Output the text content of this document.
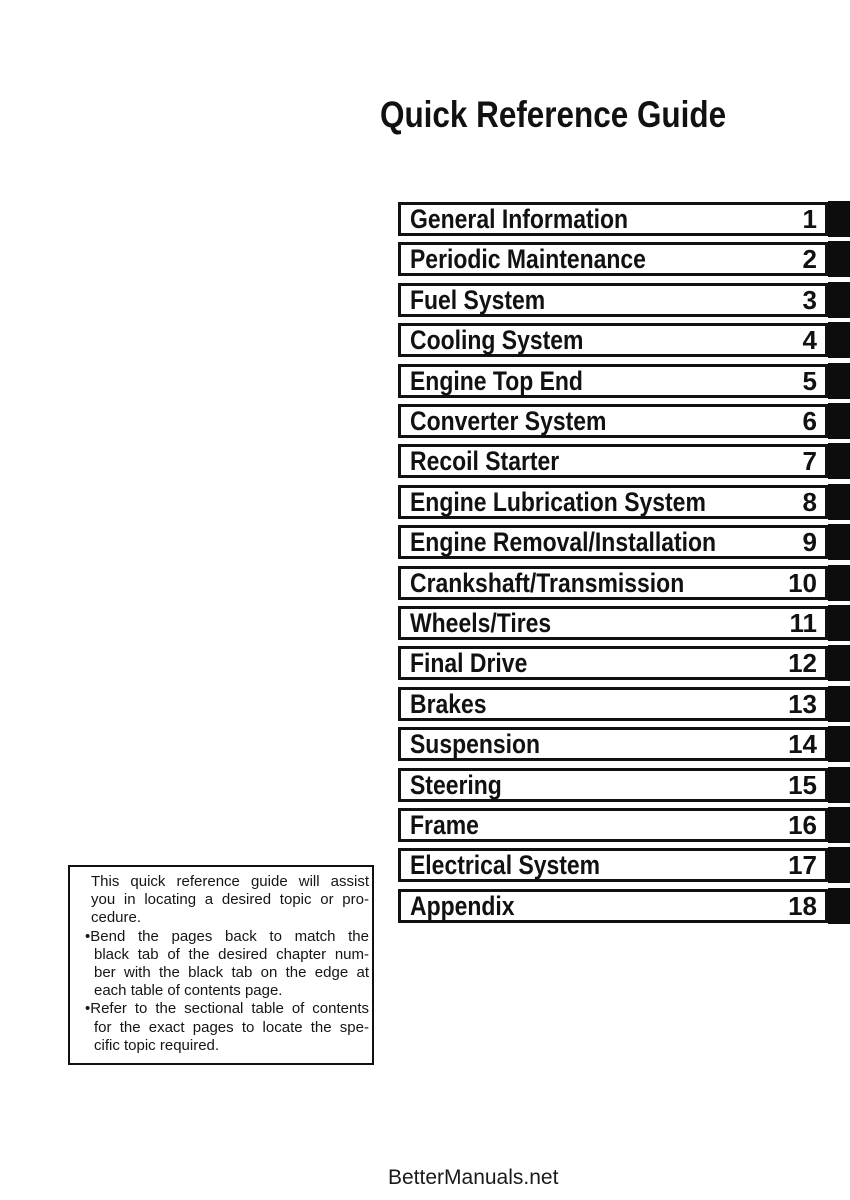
Quick Reference Guide
General Information	1
Periodic Maintenance	2
Fuel System	3
Cooling System	4
Engine Top End	5
Converter System	6
Recoil Starter	7
Engine Lubrication System	8
Engine Removal/Installation	9
Crankshaft/Transmission	10
Wheels/Tires	11
Final Drive	12
Brakes	13
Suspension	14
Steering	15
Frame	16
Electrical System	17
Appendix	18
This quick reference guide will assist
you in locating a desired topic or pro-
cedure.
•Bend the pages back to match the
black tab of the desired chapter num-
ber with the black tab on the edge at
each table of contents page.
•Refer to the sectional table of contents
for the exact pages to locate the spe-
cific topic required.
BetterManuals.net
